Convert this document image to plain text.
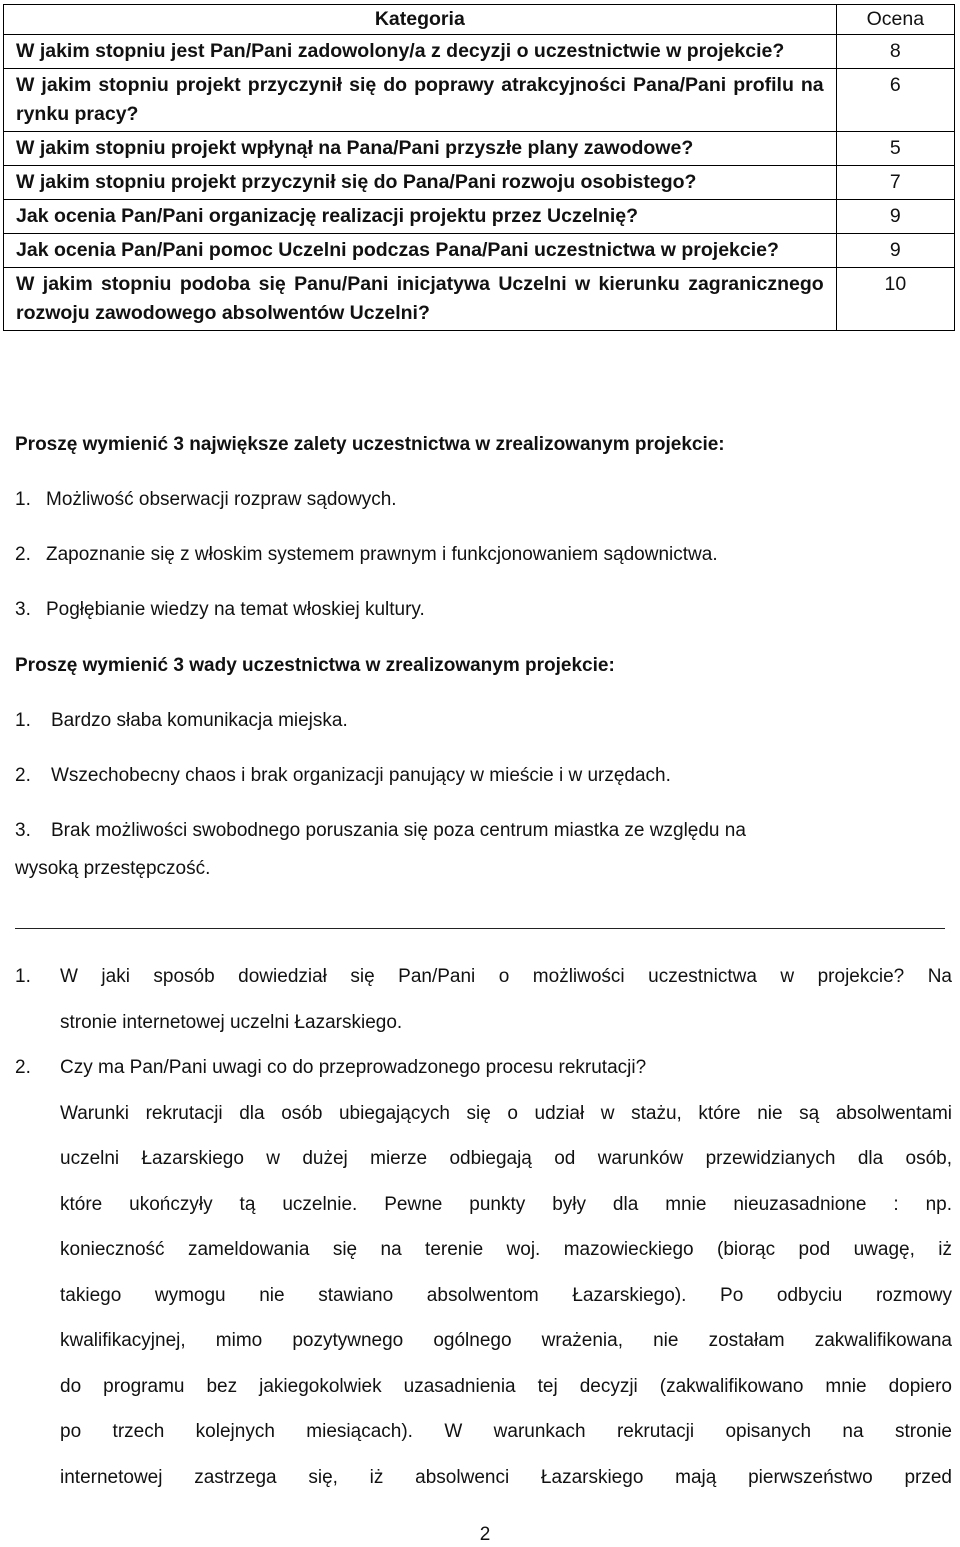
Kategoria	Ocena
W jakim stopniu jest Pan/Pani zadowolony/a z decyzji o uczestnictwie w projekcie?	8
W jakim stopniu projekt przyczynił się do poprawy atrakcyjności Pana/Pani profilu na rynku pracy?	6
W jakim stopniu projekt wpłynął na Pana/Pani przyszłe plany zawodowe?	5
W jakim stopniu projekt przyczynił się do Pana/Pani rozwoju osobistego?	7
Jak ocenia Pan/Pani organizację realizacji projektu przez Uczelnię?	9
Jak ocenia Pan/Pani pomoc Uczelni podczas Pana/Pani uczestnictwa w projekcie?	9
W jakim stopniu podoba się Panu/Pani inicjatywa Uczelni w kierunku zagranicznego rozwoju zawodowego absolwentów Uczelni?	10
Proszę wymienić 3 największe zalety uczestnictwa w zrealizowanym projekcie:
1. Możliwość obserwacji rozpraw sądowych.
2. Zapoznanie się z włoskim systemem prawnym i funkcjonowaniem sądownictwa.
3. Pogłębianie wiedzy na temat włoskiej kultury.
Proszę wymienić 3 wady uczestnictwa w zrealizowanym projekcie:
1. Bardzo słaba komunikacja miejska.
2. Wszechobecny chaos i brak organizacji panujący w mieście i w urzędach.
3. Brak możliwości swobodnego poruszania się poza centrum miastka ze względu na
wysoką przestępczość.
1. W jaki sposób dowiedział się Pan/Pani o możliwości uczestnictwa w projekcie? Na
stronie internetowej uczelni Łazarskiego.
2. Czy ma Pan/Pani uwagi co do przeprowadzonego procesu rekrutacji?
Warunki rekrutacji dla osób ubiegających się o udział w stażu, które nie są absolwentami
uczelni Łazarskiego w dużej mierze odbiegają od warunków przewidzianych dla osób,
które ukończyły tą uczelnie. Pewne punkty były dla mnie nieuzasadnione : np.
konieczność zameldowania się na terenie woj. mazowieckiego (biorąc pod uwagę, iż
takiego wymogu nie stawiano absolwentom Łazarskiego). Po odbyciu rozmowy
kwalifikacyjnej, mimo pozytywnego ogólnego wrażenia, nie zostałam zakwalifikowana
do programu bez jakiegokolwiek uzasadnienia tej decyzji (zakwalifikowano mnie dopiero
po trzech kolejnych miesiącach). W warunkach rekrutacji opisanych na stronie
internetowej zastrzega się, iż absolwenci Łazarskiego mają pierwszeństwo przed
2
